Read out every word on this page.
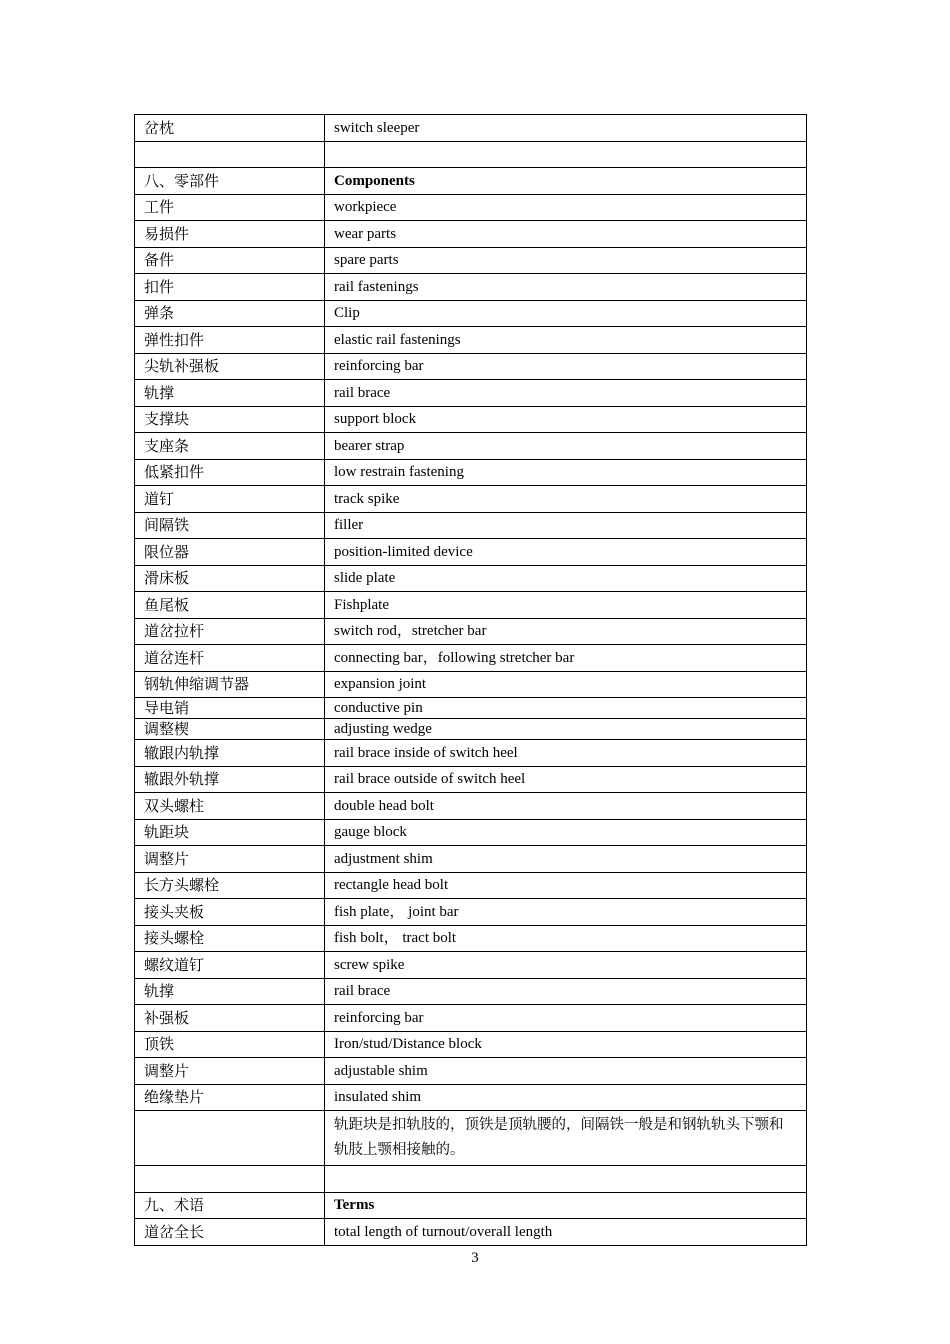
岔枕	switch sleeper

八、零部件	Components
工件	workpiece
易损件	wear parts
备件	spare parts
扣件	rail fastenings
弹条	Clip
弹性扣件	elastic rail fastenings
尖轨补强板	reinforcing bar
轨撑	rail brace
支撑块	support block
支座条	bearer strap
低紧扣件	low restrain fastening
道钉	track spike
间隔铁	filler
限位器	position-limited device
滑床板	slide plate
鱼尾板	Fishplate
道岔拉杆	switch rod，stretcher bar
道岔连杆	connecting bar，following stretcher bar
钢轨伸缩调节器	expansion joint
导电销	conductive pin
调整楔	adjusting wedge
辙跟内轨撑	rail brace inside of switch heel
辙跟外轨撑	rail brace outside of switch heel
双头螺柱	double head bolt
轨距块	gauge block
调整片	adjustment shim
长方头螺栓	rectangle head bolt
接头夹板	fish plate， joint bar
接头螺栓	fish bolt， tract bolt
螺纹道钉	screw spike
轨撑	rail brace
补强板	reinforcing bar
顶铁	Iron/stud/Distance block
调整片	adjustable shim
绝缘垫片	insulated shim
	轨距块是扣轨肢的，顶铁是顶轨腰的，间隔铁一般是和钢轨轨头下颚和轨肢上颚相接触的。

九、术语	Terms
道岔全长	total length of turnout/overall length
3
